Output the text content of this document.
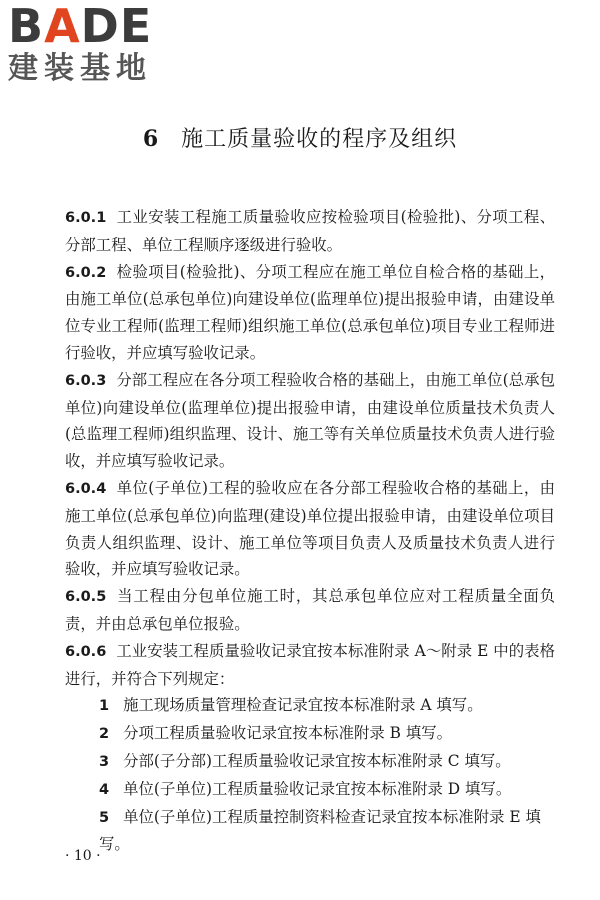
BADE
建装基地
6 施工质量验收的程序及组织

6.0.1 工业安装工程施工质量验收应按检验项目(检验批)、分项工程、分部工程、单位工程顺序逐级进行验收。

6.0.2 检验项目(检验批)、分项工程应在施工单位自检合格的基础上，由施工单位(总承包单位)向建设单位(监理单位)提出报验申请，由建设单位专业工程师(监理工程师)组织施工单位(总承包单位)项目专业工程师进行验收，并应填写验收记录。

6.0.3 分部工程应在各分项工程验收合格的基础上，由施工单位(总承包单位)向建设单位(监理单位)提出报验申请，由建设单位质量技术负责人(总监理工程师)组织监理、设计、施工等有关单位质量技术负责人进行验收，并应填写验收记录。

6.0.4 单位(子单位)工程的验收应在各分部工程验收合格的基础上，由施工单位(总承包单位)向监理(建设)单位提出报验申请，由建设单位项目负责人组织监理、设计、施工单位等项目负责人及质量技术负责人进行验收，并应填写验收记录。

6.0.5 当工程由分包单位施工时，其总承包单位应对工程质量全面负责，并由总承包单位报验。

6.0.6 工业安装工程质量验收记录宜按本标准附录 A～附录 E 中的表格进行，并符合下列规定：

1 施工现场质量管理检查记录宜按本标准附录 A 填写。

2 分项工程质量验收记录宜按本标准附录 B 填写。

3 分部(子分部)工程质量验收记录宜按本标准附录 C 填写。

4 单位(子单位)工程质量验收记录宜按本标准附录 D 填写。

5 单位(子单位)工程质量控制资料检查记录宜按本标准附录 E 填写。

· 10 ·
